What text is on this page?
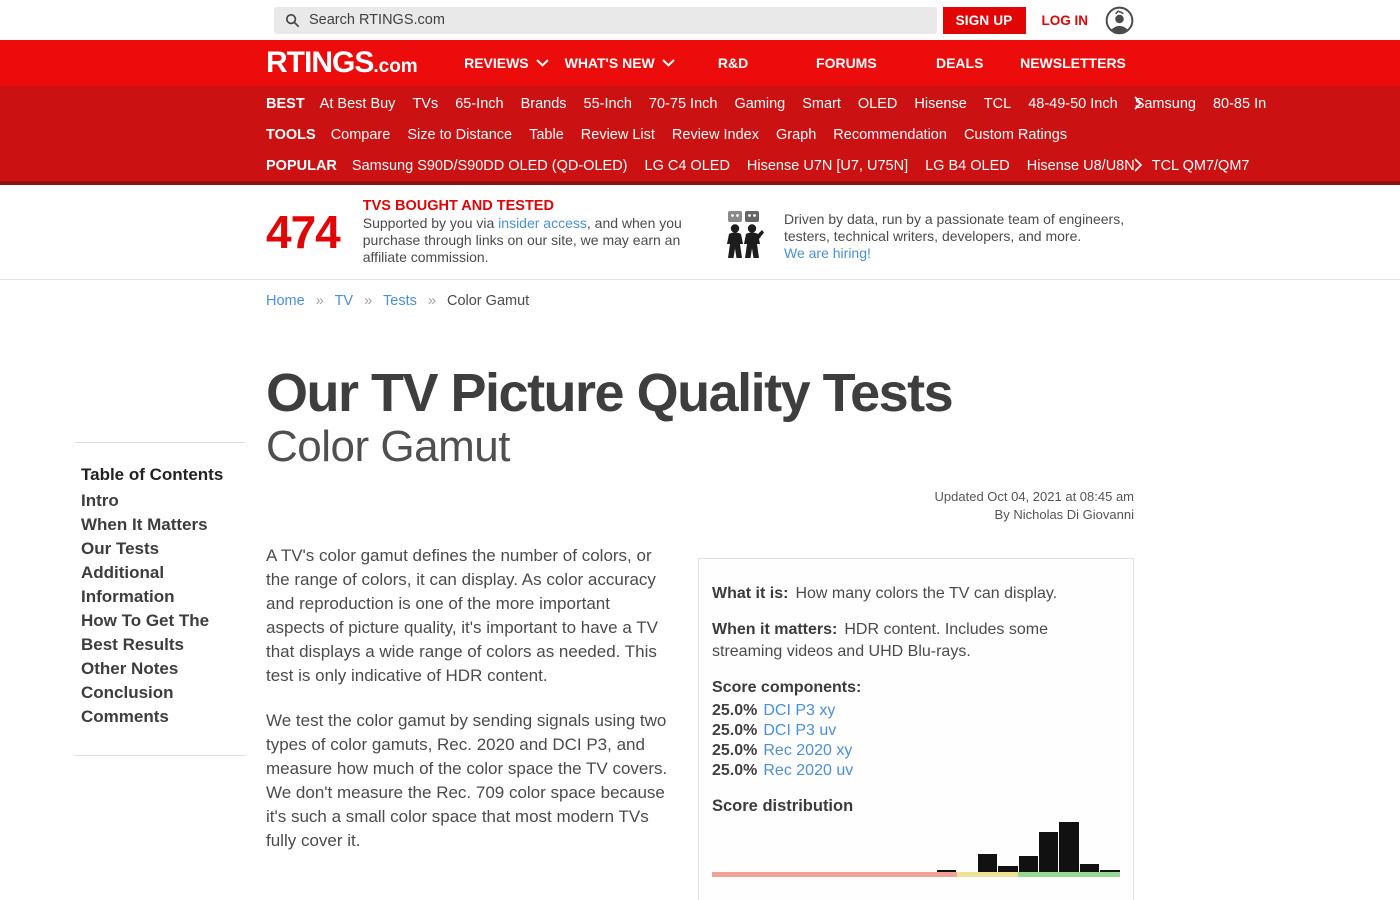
Search RTINGS.com	SIGN UP	LOG IN
RTINGS.com	REVIEWS	WHAT'S NEW	R&D	FORUMS	DEALS	NEWSLETTERS
BEST At Best Buy TVs 65-Inch Brands 55-Inch 70-75 Inch Gaming Smart OLED Hisense TCL 48-49-50 Inch Samsung 80-85 In
TOOLS Compare Size to Distance Table Review List Review Index Graph Recommendation Custom Ratings
POPULAR Samsung S90D/S90DD OLED (QD-OLED) LG C4 OLED Hisense U7N [U7, U75N] LG B4 OLED Hisense U8/U8N TCL QM7/QM7
474 TVS BOUGHT AND TESTED
Supported by you via insider access, and when you purchase through links on our site, we may earn an affiliate commission.
Driven by data, run by a passionate team of engineers, testers, technical writers, developers, and more.
We are hiring!
Home » TV » Tests » Color Gamut
Table of Contents
Intro
When It Matters
Our Tests
Additional Information
How To Get The Best Results
Other Notes
Conclusion
Comments
Our TV Picture Quality Tests
Color Gamut
Updated Oct 04, 2021 at 08:45 am
By Nicholas Di Giovanni

A TV's color gamut defines the number of colors, or the range of colors, it can display. As color accuracy and reproduction is one of the more important aspects of picture quality, it's important to have a TV that displays a wide range of colors as needed. This test is only indicative of HDR content.

We test the color gamut by sending signals using two types of color gamuts, Rec. 2020 and DCI P3, and measure how much of the color space the TV covers. We don't measure the Rec. 709 color space because it's such a small color space that most modern TVs fully cover it.

What it is: How many colors the TV can display.
When it matters: HDR content. Includes some streaming videos and UHD Blu-rays.
Score components:
25.0% DCI P3 xy
25.0% DCI P3 uv
25.0% Rec 2020 xy
25.0% Rec 2020 uv
Score distribution
